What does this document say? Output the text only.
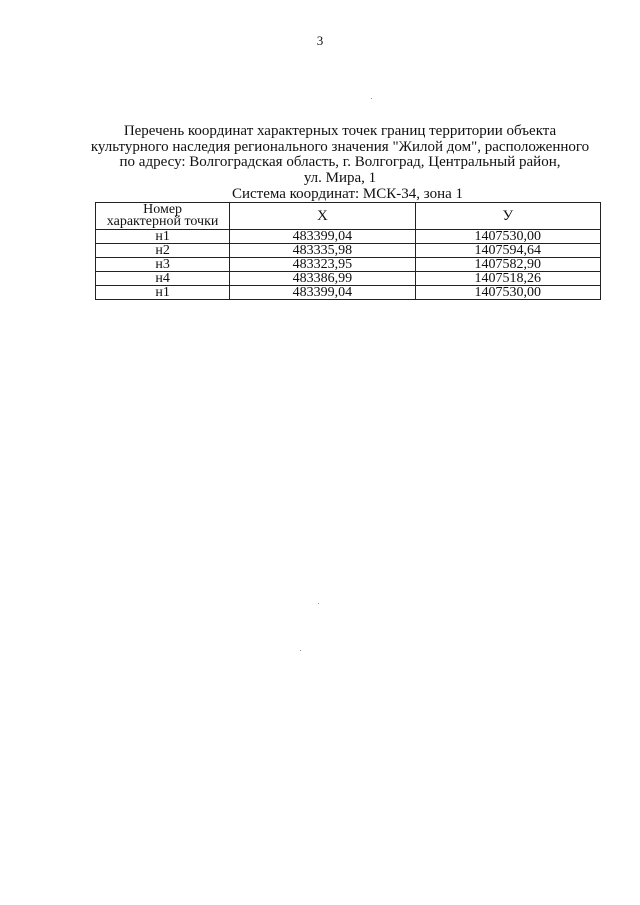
3
Перечень координат характерных точек границ территории объекта
культурного наследия регионального значения "Жилой дом", расположенного
по адресу: Волгоградская область, г. Волгоград, Центральный район,
ул. Мира, 1
Система координат: МСК-34, зона 1
Номер
характерной точки	X	У
н1	483399,04	1407530,00
н2	483335,98	1407594,64
н3	483323,95	1407582,90
н4	483386,99	1407518,26
н1	483399,04	1407530,00
